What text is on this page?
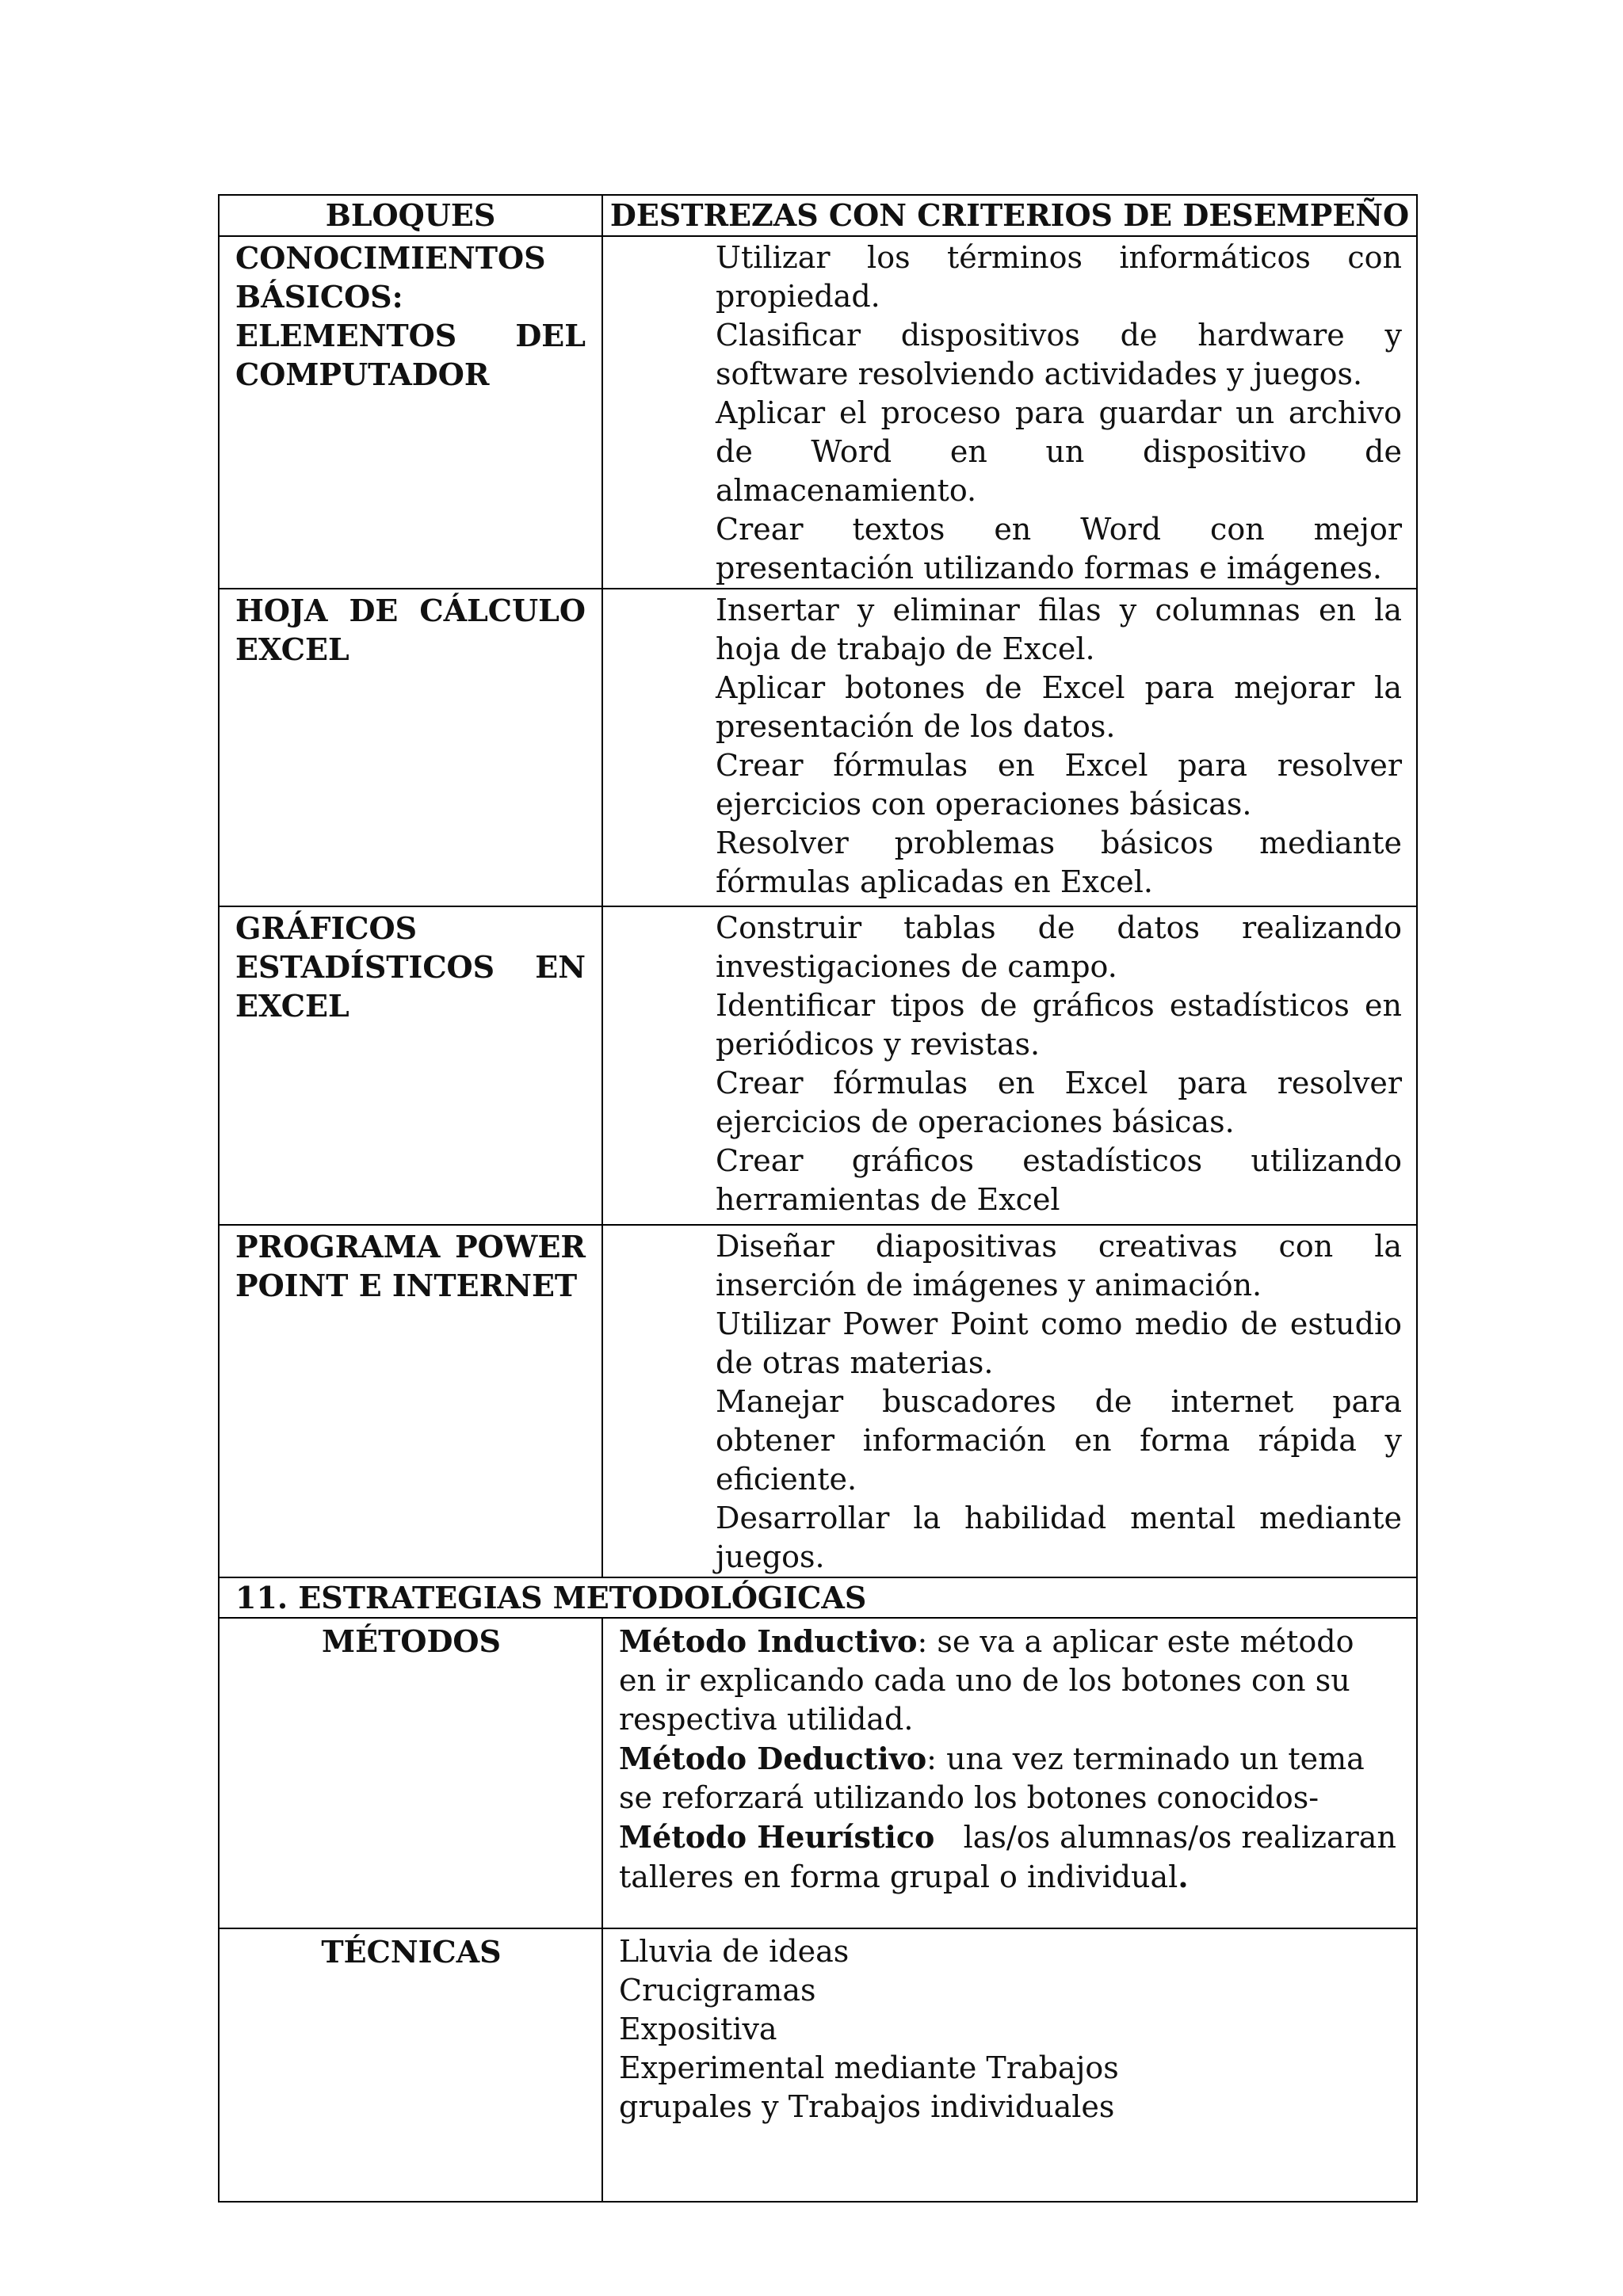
BLOQUES	DESTREZAS CON CRITERIOS DE DESEMPEÑO
CONOCIMIENTOS BÁSICOS: ELEMENTOS DEL COMPUTADOR	Utilizar los términos informáticos con propiedad.
Clasificar dispositivos de hardware y software resolviendo actividades y juegos.
Aplicar el proceso para guardar un archivo de Word en un dispositivo de almacenamiento.
Crear textos en Word con mejor presentación utilizando formas e imágenes.

HOJA DE CÁLCULO EXCEL	Insertar y eliminar filas y columnas en la hoja de trabajo de Excel.
Aplicar botones de Excel para mejorar la presentación de los datos.
Crear fórmulas en Excel para resolver ejercicios con operaciones básicas.
Resolver problemas básicos mediante fórmulas aplicadas en Excel.

GRÁFICOS ESTADÍSTICOS EN EXCEL	Construir tablas de datos realizando investigaciones de campo.
Identificar tipos de gráficos estadísticos en periódicos y revistas.
Crear fórmulas en Excel para resolver ejercicios de operaciones básicas.
Crear gráficos estadísticos utilizando herramientas de Excel

PROGRAMA POWER POINT E INTERNET	Diseñar diapositivas creativas con la inserción de imágenes y animación.
Utilizar Power Point como medio de estudio de otras materias.
Manejar buscadores de internet para obtener información en forma rápida y eficiente.
Desarrollar la habilidad mental mediante juegos.

11. ESTRATEGIAS METODOLÓGICAS	

MÉTODOS	Método Inductivo: se va a aplicar este método en ir explicando cada uno de los botones con su respectiva utilidad.

Método Deductivo: una vez terminado un tema se reforzará utilizando los botones conocidos-

Método Heurístico las/os alumnas/os realizaran talleres en forma grupal o individual.

TÉCNICAS	Lluvia de ideas
Crucigramas
Expositiva
Experimental mediante Trabajos grupales y Trabajos individuales
